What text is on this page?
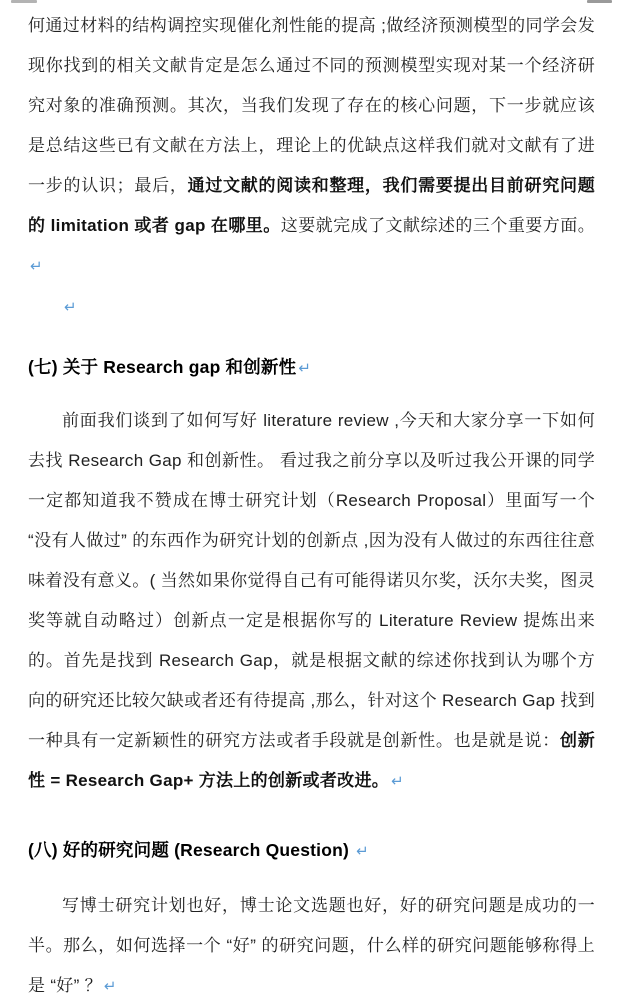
何通过材料的结构调控实现催化剂性能的提高 ;做经济预测模型的同学会发现你找到的相关文献肯定是怎么通过不同的预测模型实现对某一个经济研究对象的准确预测。其次，当我们发现了存在的核心问题，下一步就应该是总结这些已有文献在方法上，理论上的优缺点这样我们就对文献有了进一步的认识；最后，通过文献的阅读和整理，我们需要提出目前研究问题的 limitation 或者 gap 在哪里。这要就完成了文献综述的三个重要方面。↵

↵
(七) 关于 Research gap 和创新性 ↵

前面我们谈到了如何写好 literature review ,今天和大家分享一下如何去找 Research Gap 和创新性。 看过我之前分享以及听过我公开课的同学一定都知道我不赞成在博士研究计划（Research Proposal）里面写一个 “没有人做过” 的东西作为研究计划的创新点 ,因为没有人做过的东西往往意味着没有意义。( 当然如果你觉得自己有可能得诺贝尔奖，沃尔夫奖，图灵奖等就自动略过）创新点一定是根据你写的 Literature Review 提炼出来的。首先是找到 Research Gap，就是根据文献的综述你找到认为哪个方向的研究还比较欠缺或者还有待提高 ,那么，针对这个 Research Gap 找到一种具有一定新颖性的研究方法或者手段就是创新性。也是就是说：创新性 = Research Gap+ 方法上的创新或者改进。 ↵

(八) 好的研究问题 (Research Question) ↵

写博士研究计划也好，博士论文选题也好，好的研究问题是成功的一半。那么，如何选择一个 “好” 的研究问题，什么样的研究问题能够称得上是 “好” ？ ↵
